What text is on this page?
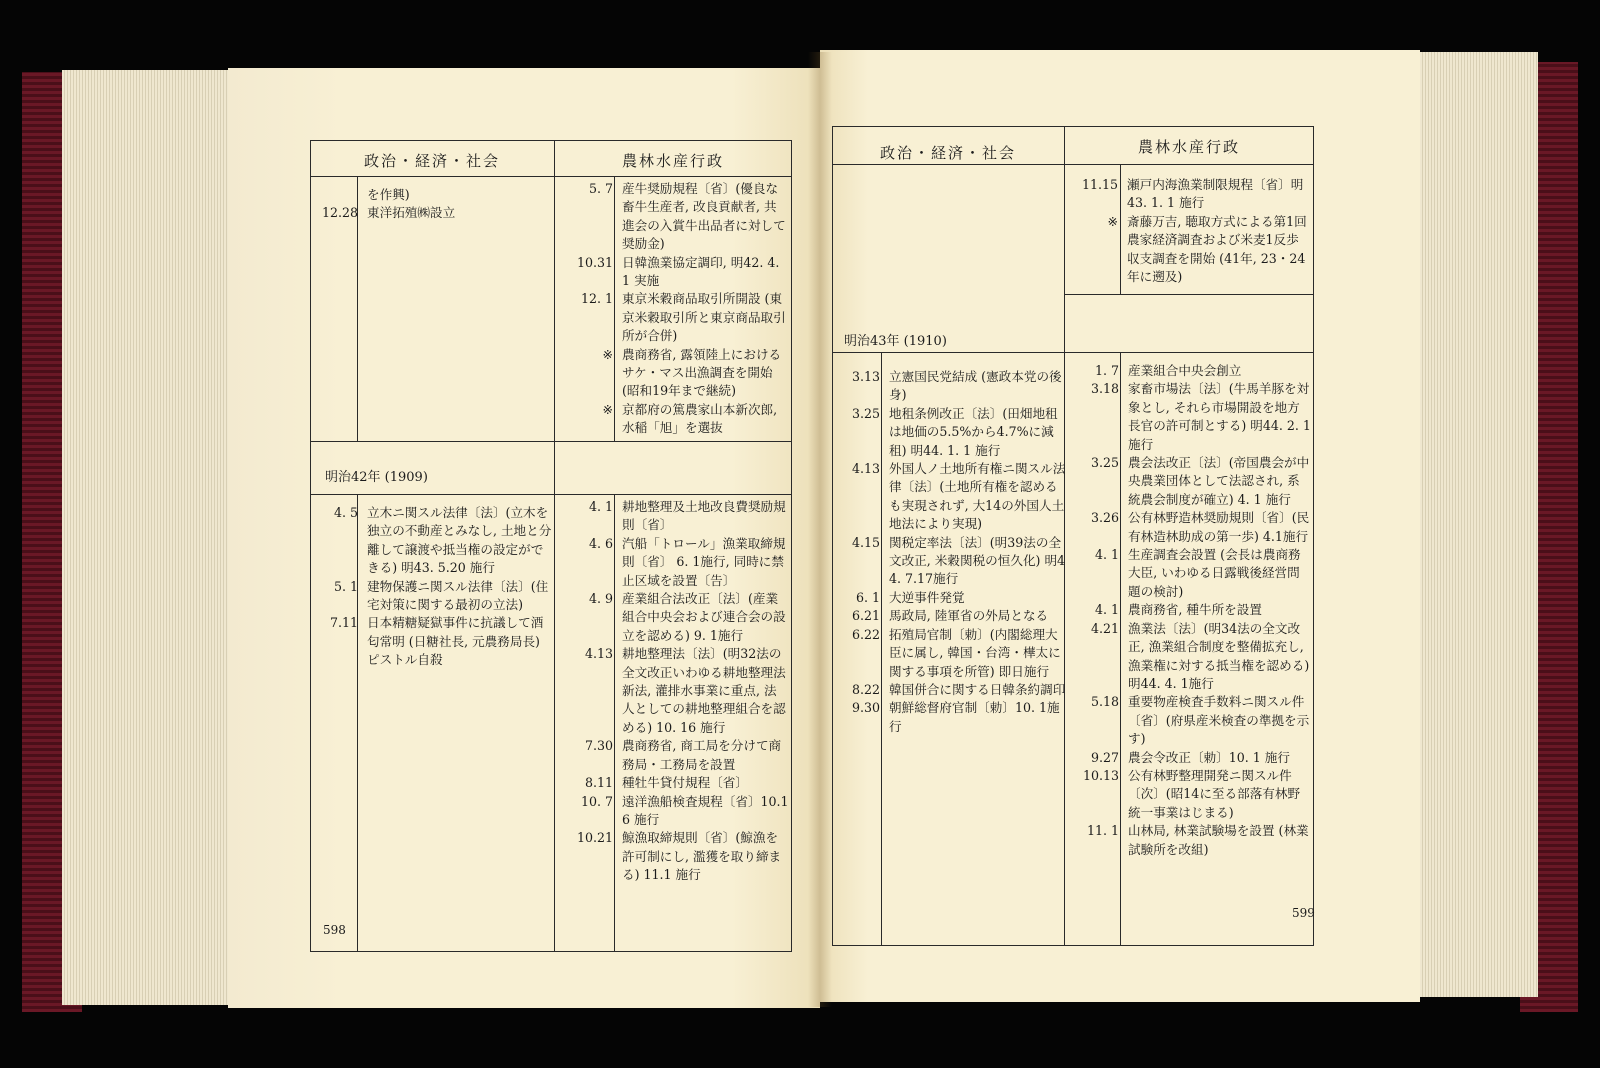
政治・経済・社会	農林水産行政
を作興)
12.28 東洋拓殖㈱設立
5. 7 産牛奨励規程〔省〕(優良な畜牛生産者, 改良貢献者, 共進会の入賞牛出品者に対して奨励金)
10.31 日韓漁業協定調印, 明42. 4. 1 実施
12. 1 東京米穀商品取引所開設 (東京米穀取引所と東京商品取引所が合併)
※ 農商務省, 露領陸上におけるサケ・マス出漁調査を開始 (昭和19年まで継続)
※ 京都府の篤農家山本新次郎, 水稲「旭」を選抜
明治42年 (1909)
4. 5 立木ニ関スル法律〔法〕(立木を独立の不動産とみなし, 土地と分離して譲渡や抵当権の設定ができる) 明43. 5.20 施行
5. 1 建物保護ニ関スル法律〔法〕(住宅対策に関する最初の立法)
7.11 日本精糖疑獄事件に抗議して酒匂常明 (日糖社長, 元農務局長) ピストル自殺
4. 1 耕地整理及土地改良費奨励規則〔省〕
4. 6 汽船「トロール」漁業取締規則〔省〕 6. 1施行, 同時に禁止区域を設置〔告〕
4. 9 産業組合法改正〔法〕(産業組合中央会および連合会の設立を認める) 9. 1施行
4.13 耕地整理法〔法〕(明32法の全文改正いわゆる耕地整理法新法, 灌排水事業に重点, 法人としての耕地整理組合を認める) 10. 16 施行
7.30 農商務省, 商工局を分けて商務局・工務局を設置
8.11 種牡牛貸付規程〔省〕
10. 7 遠洋漁船検査規程〔省〕10.16 施行
10.21 鯨漁取締規則〔省〕(鯨漁を許可制にし, 濫獲を取り締まる) 11.1 施行
598
政治・経済・社会	農林水産行政
11.15 瀬戸内海漁業制限規程〔省〕明43. 1. 1 施行
※ 斎藤万吉, 聴取方式による第1回農家経済調査および米麦1反歩収支調査を開始 (41年, 23・24年に遡及)
明治43年 (1910)
3.13 立憲国民党結成 (憲政本党の後身)
3.25 地租条例改正〔法〕(田畑地租は地価の5.5%から4.7%に減租) 明44. 1. 1 施行
4.13 外国人ノ土地所有権ニ関スル法律〔法〕(土地所有権を認めるも実現されず, 大14の外国人土地法により実現)
4.15 関税定率法〔法〕(明39法の全文改正, 米穀関税の恒久化) 明44. 7.17施行
6. 1 大逆事件発覚
6.21 馬政局, 陸軍省の外局となる
6.22 拓殖局官制〔勅〕(内閣総理大臣に属し, 韓国・台湾・樺太に関する事項を所管) 即日施行
8.22 韓国併合に関する日韓条約調印
9.30 朝鮮総督府官制〔勅〕10. 1施行
1. 7 産業組合中央会創立
3.18 家畜市場法〔法〕(牛馬羊豚を対象とし, それら市場開設を地方長官の許可制とする) 明44. 2. 1施行
3.25 農会法改正〔法〕(帝国農会が中央農業団体として法認され, 系統農会制度が確立) 4. 1 施行
3.26 公有林野造林奨励規則〔省〕(民有林造林助成の第一歩) 4.1施行
4. 1 生産調査会設置 (会長は農商務大臣, いわゆる日露戦後経営問題の検討)
4. 1 農商務省, 種牛所を設置
4.21 漁業法〔法〕(明34法の全文改正, 漁業組合制度を整備拡充し, 漁業権に対する抵当権を認める) 明44. 4. 1施行
5.18 重要物産検査手数料ニ関スル件〔省〕(府県産米検査の準拠を示す)
9.27 農会令改正〔勅〕10. 1 施行
10.13 公有林野整理開発ニ関スル件〔次〕(昭14に至る部落有林野統一事業はじまる)
11. 1 山林局, 林業試験場を設置 (林業試験所を改組)
599
